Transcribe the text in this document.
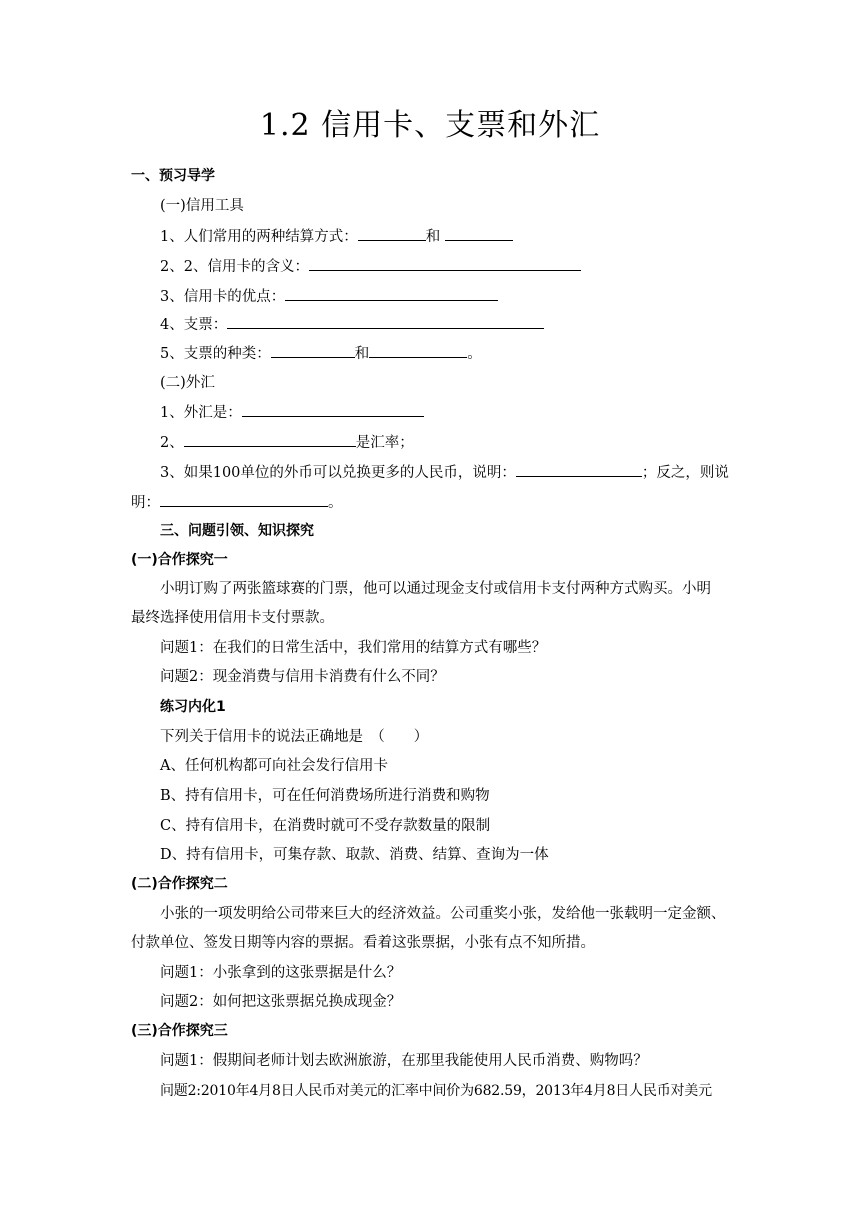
1.2 信用卡、支票和外汇
一、预习导学
(一)信用工具
1、人们常用的两种结算方式：	和
2、2、信用卡的含义：
3、信用卡的优点：
4、支票：
5、支票的种类：	和	。
(二)外汇
1、外汇是：
2、	是汇率；
3、如果100单位的外币可以兑换更多的人民币，说明：	；反之，则说
明：	。
三、问题引领、知识探究
(一)合作探究一
小明订购了两张篮球赛的门票，他可以通过现金支付或信用卡支付两种方式购买。小明
最终选择使用信用卡支付票款。
问题1：在我们的日常生活中，我们常用的结算方式有哪些？
问题2：现金消费与信用卡消费有什么不同？
练习内化1
下列关于信用卡的说法正确地是　（　　）
A、任何机构都可向社会发行信用卡
B、持有信用卡，可在任何消费场所进行消费和购物
C、持有信用卡，在消费时就可不受存款数量的限制
D、持有信用卡，可集存款、取款、消费、结算、查询为一体
(二)合作探究二
小张的一项发明给公司带来巨大的经济效益。公司重奖小张，发给他一张载明一定金额、
付款单位、签发日期等内容的票据。看着这张票据，小张有点不知所措。
问题1：小张拿到的这张票据是什么？
问题2：如何把这张票据兑换成现金？
(三)合作探究三
问题1：假期间老师计划去欧洲旅游，在那里我能使用人民币消费、购物吗？
问题2:2010年4月8日人民币对美元的汇率中间价为682.59，2013年4月8日人民币对美元
